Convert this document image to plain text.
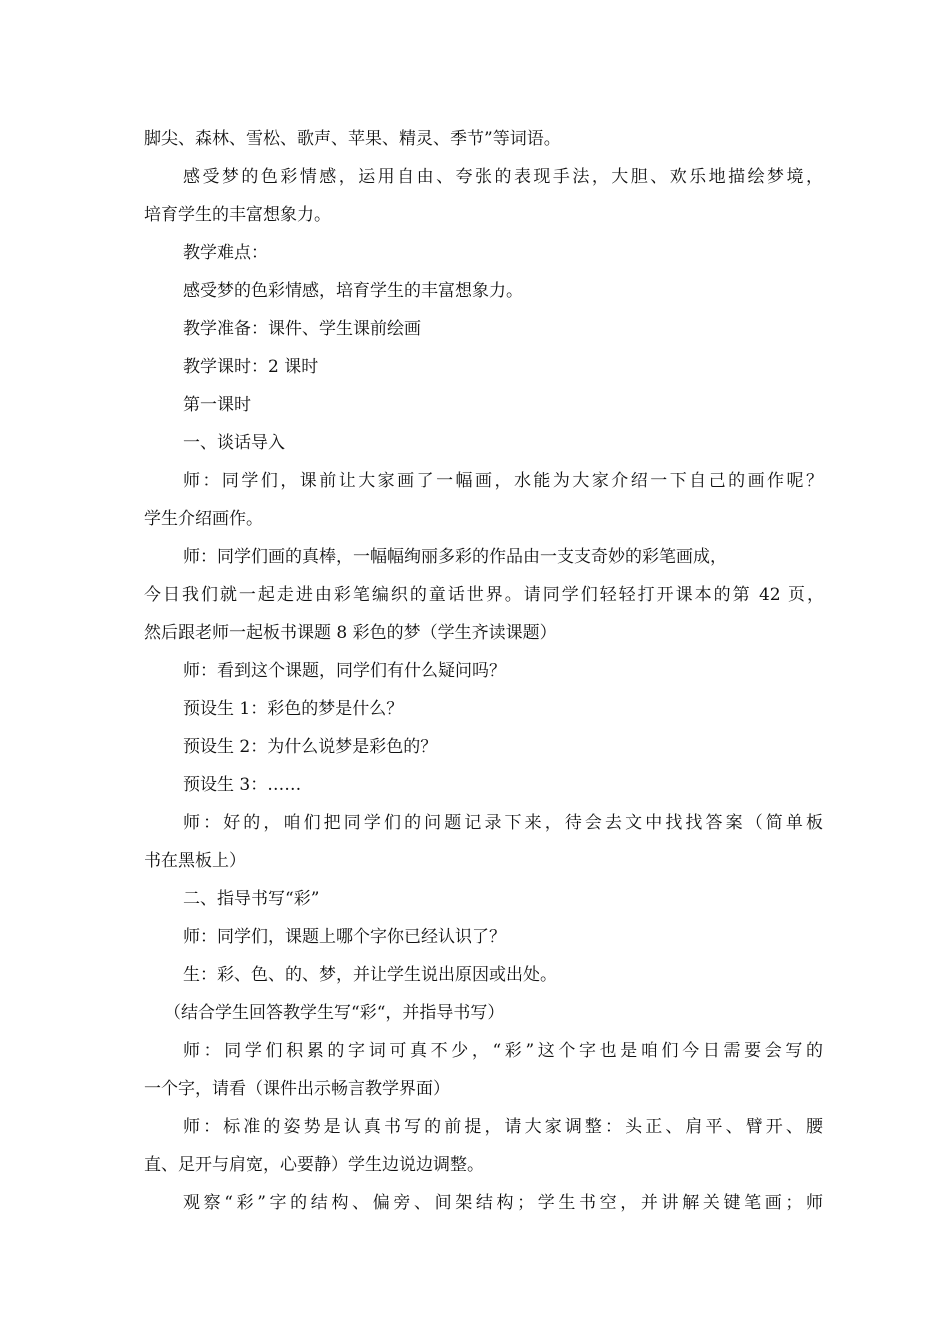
脚尖、森林、雪松、歌声、苹果、精灵、季节”等词语。
感受梦的色彩情感，运用自由、夸张的表现手法，大胆、欢乐地描绘梦境，
培育学生的丰富想象力。
教学难点：
感受梦的色彩情感，培育学生的丰富想象力。
教学准备：课件、学生课前绘画
教学课时：2 课时
第一课时
一、谈话导入
师：同学们，课前让大家画了一幅画，水能为大家介绍一下自己的画作呢？
学生介绍画作。
师：同学们画的真棒，一幅幅绚丽多彩的作品由一支支奇妙的彩笔画成，
今日我们就一起走进由彩笔编织的童话世界。请同学们轻轻打开课本的第 42 页，
然后跟老师一起板书课题 8 彩色的梦（学生齐读课题）
师：看到这个课题，同学们有什么疑问吗？
预设生 1：彩色的梦是什么？
预设生 2：为什么说梦是彩色的？
预设生 3：……
师：好的，咱们把同学们的问题记录下来，待会去文中找找答案（简单板
书在黑板上）
二、指导书写“彩”
师：同学们，课题上哪个字你已经认识了？
生：彩、色、的、梦，并让学生说出原因或出处。
（结合学生回答教学生写“彩“，并指导书写）
师：同学们积累的字词可真不少，“彩”这个字也是咱们今日需要会写的
一个字，请看（课件出示畅言教学界面）
师：标准的姿势是认真书写的前提，请大家调整：头正、肩平、臂开、腰
直、足开与肩宽，心要静）学生边说边调整。
观察“彩”字的结构、偏旁、间架结构；学生书空，并讲解关键笔画；师
